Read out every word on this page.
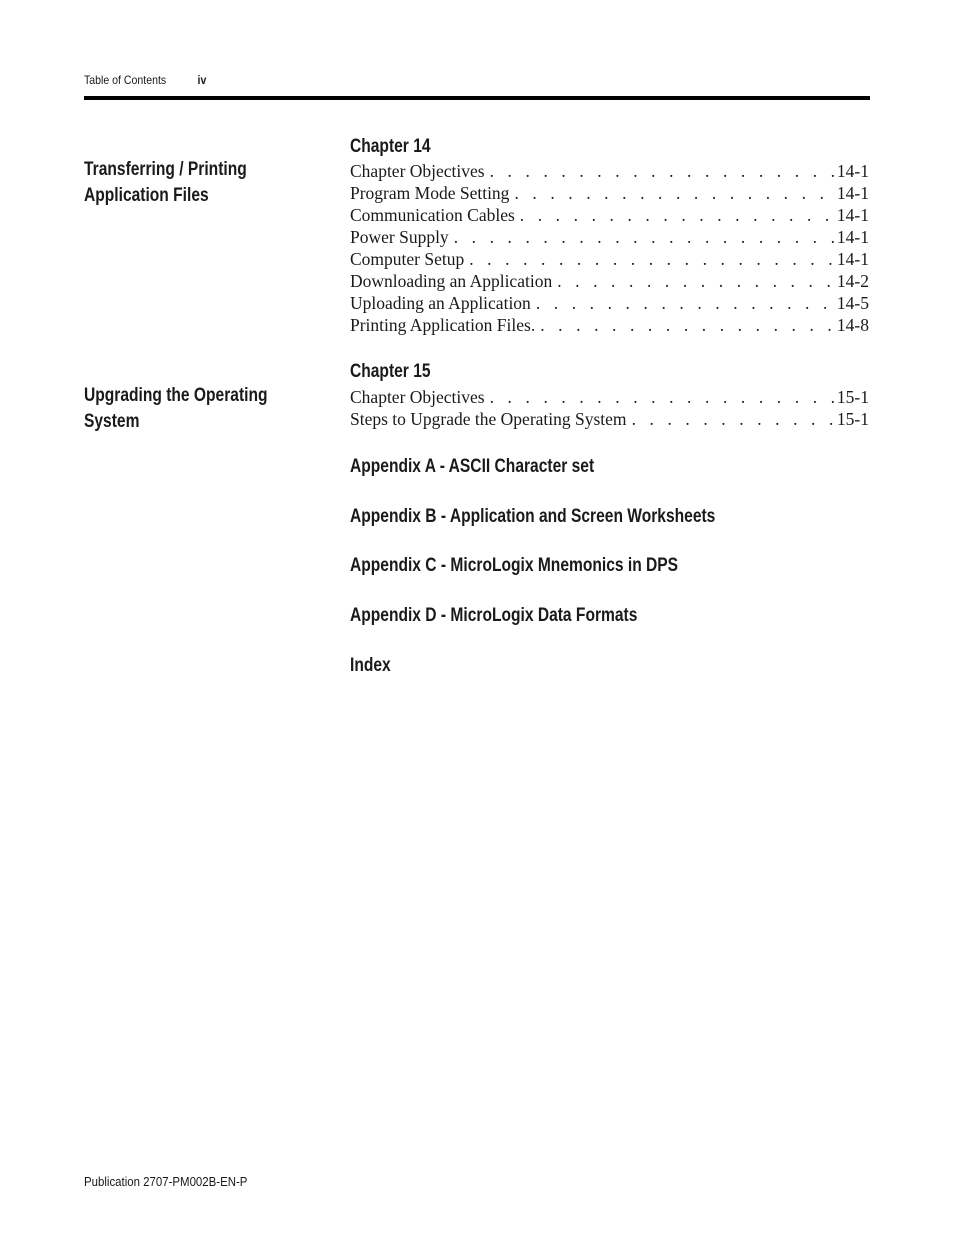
Table of Contents	iv
Transferring / Printing Application Files
Chapter 14
Chapter Objectives . . .	14-1
Program Mode Setting . . .	14-1
Communication Cables . . .	14-1
Power Supply . . .	14-1
Computer Setup . . .	14-1
Downloading an Application . . .	14-2
Uploading an Application . . .	14-5
Printing Application Files. . . .	14-8
Upgrading the Operating System
Chapter 15
Chapter Objectives . . .	15-1
Steps to Upgrade the Operating System . . .	15-1
Appendix A - ASCII Character set
Appendix B - Application and Screen Worksheets
Appendix C - MicroLogix Mnemonics in DPS
Appendix D - MicroLogix Data Formats
Index
Publication 2707-PM002B-EN-P
